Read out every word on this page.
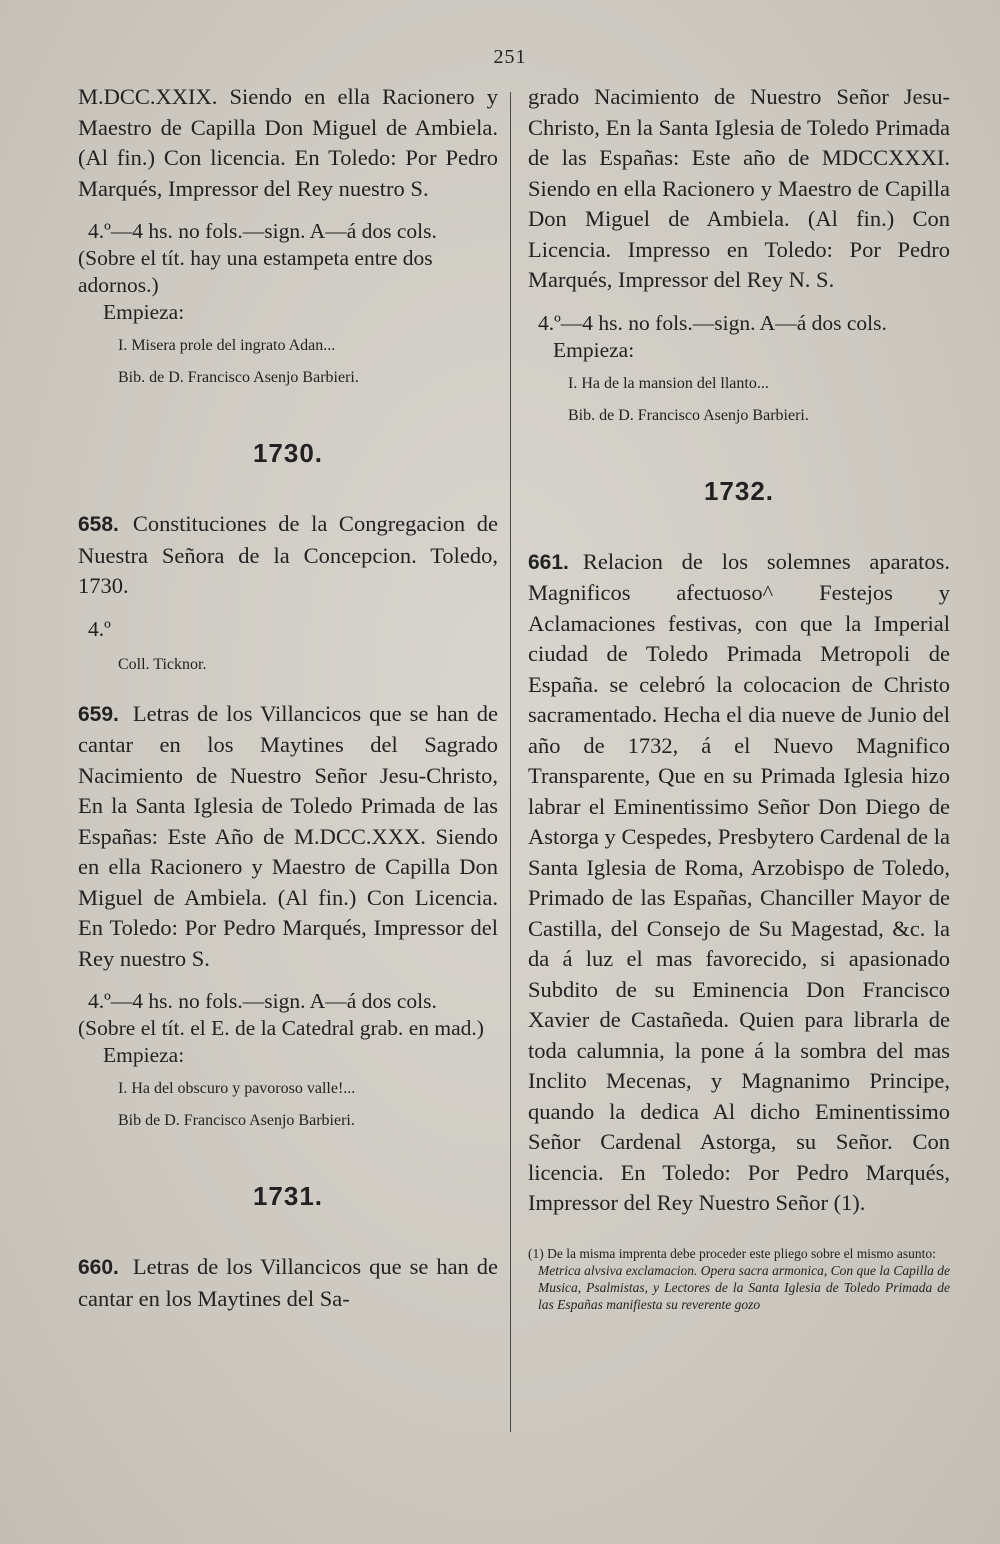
251

M.DCC.XXIX. Siendo en ella Racionero y Maestro de Capilla Don Miguel de Ambiela. (Al fin.) Con licencia. En Toledo: Por Pedro Marqués, Impressor del Rey nuestro S.

4.º—4 hs. no fols.—sign. A—á dos cols. (Sobre el tít. hay una estampeta entre dos adornos.)

Empieza:

I. Misera prole del ingrato Adan...

Bib. de D. Francisco Asenjo Barbieri.

1730.

658. Constituciones de la Congregacion de Nuestra Señora de la Concepcion. Toledo, 1730.

4.º

Coll. Ticknor.

659. Letras de los Villancicos que se han de cantar en los Maytines del Sagrado Nacimiento de Nuestro Señor Jesu-Christo, En la Santa Iglesia de Toledo Primada de las Españas: Este Año de M.DCC.XXX. Siendo en ella Racionero y Maestro de Capilla Don Miguel de Ambiela. (Al fin.) Con Licencia. En Toledo: Por Pedro Marqués, Impressor del Rey nuestro S.

4.º—4 hs. no fols.—sign. A—á dos cols. (Sobre el tít. el E. de la Catedral grab. en mad.)

Empieza:

I. Ha del obscuro y pavoroso valle!...

Bib de D. Francisco Asenjo Barbieri.

1731.

660. Letras de los Villancicos que se han de cantar en los Maytines del Sa-

grado Nacimiento de Nuestro Señor Jesu-Christo, En la Santa Iglesia de Toledo Primada de las Españas: Este año de MDCCXXXI. Siendo en ella Racionero y Maestro de Capilla Don Miguel de Ambiela. (Al fin.) Con Licencia. Impresso en Toledo: Por Pedro Marqués, Impressor del Rey N. S.

4.º—4 hs. no fols.—sign. A—á dos cols.

Empieza:

I. Ha de la mansion del llanto...

Bib. de D. Francisco Asenjo Barbieri.

1732.

661. Relacion de los solemnes aparatos. Magnificos afectuoso^ Festejos y Aclamaciones festivas, con que la Imperial ciudad de Toledo Primada Metropoli de España. se celebró la colocacion de Christo sacramentado. Hecha el dia nueve de Junio del año de 1732, á el Nuevo Magnifico Transparente, Que en su Primada Iglesia hizo labrar el Eminentissimo Señor Don Diego de Astorga y Cespedes, Presbytero Cardenal de la Santa Iglesia de Roma, Arzobispo de Toledo, Primado de las Españas, Chanciller Mayor de Castilla, del Consejo de Su Magestad, &c. la da á luz el mas favorecido, si apasionado Subdito de su Eminencia Don Francisco Xavier de Castañeda. Quien para librarla de toda calumnia, la pone á la sombra del mas Inclito Mecenas, y Magnanimo Principe, quando la dedica Al dicho Eminentissimo Señor Cardenal Astorga, su Señor. Con licencia. En Toledo: Por Pedro Marqués, Impressor del Rey Nuestro Señor (1).

(1) De la misma imprenta debe proceder este pliego sobre el mismo asunto:

Metrica alvsiva exclamacion. Opera sacra armonica, Con que la Capilla de Musica, Psalmistas, y Lectores de la Santa Iglesia de Toledo Primada de las Españas manifiesta su reverente gozo
